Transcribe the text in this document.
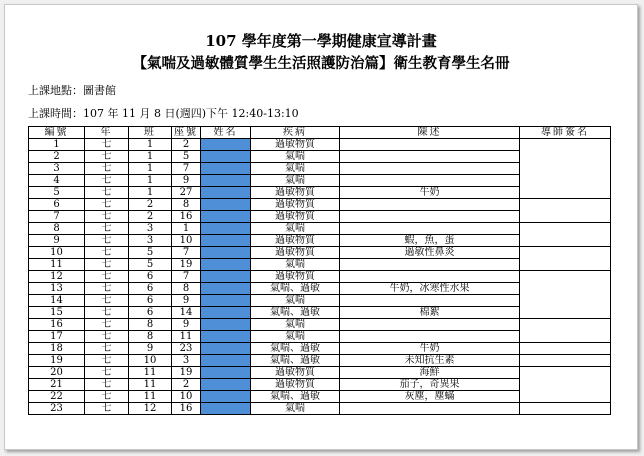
107 學年度第一學期健康宣導計畫
【氣喘及過敏體質學生生活照護防治篇】衛生教育學生名冊
上課地點：圖書館
上課時間：107 年 11 月 8 日(週四)下午 12:40-13:10
編號	年	班	座號	姓名	疾病	陳述	導師簽名
1	七	1	2		過敏物質		
2	七	1	5		氣喘		
3	七	1	7		氣喘		
4	七	1	9		氣喘		
5	七	1	27		過敏物質	牛奶	
6	七	2	8		過敏物質		
7	七	2	16		過敏物質		
8	七	3	1		氣喘		
9	七	3	10		過敏物質	蝦，魚，蛋	
10	七	5	7		過敏物質	過敏性鼻炎	
11	七	5	19		氣喘		
12	七	6	7		過敏物質		
13	七	6	8		氣喘、過敏	牛奶，冰寒性水果	
14	七	6	9		氣喘		
15	七	6	14		氣喘、過敏	棉絮	
16	七	8	9		氣喘		
17	七	8	11		氣喘		
18	七	9	23		氣喘、過敏	牛奶	
19	七	10	3		氣喘、過敏	未知抗生素	
20	七	11	19		過敏物質	海鮮	
21	七	11	2		過敏物質	茄子，奇異果	
22	七	11	10		氣喘、過敏	灰塵，塵蟎	
23	七	12	16		氣喘		
